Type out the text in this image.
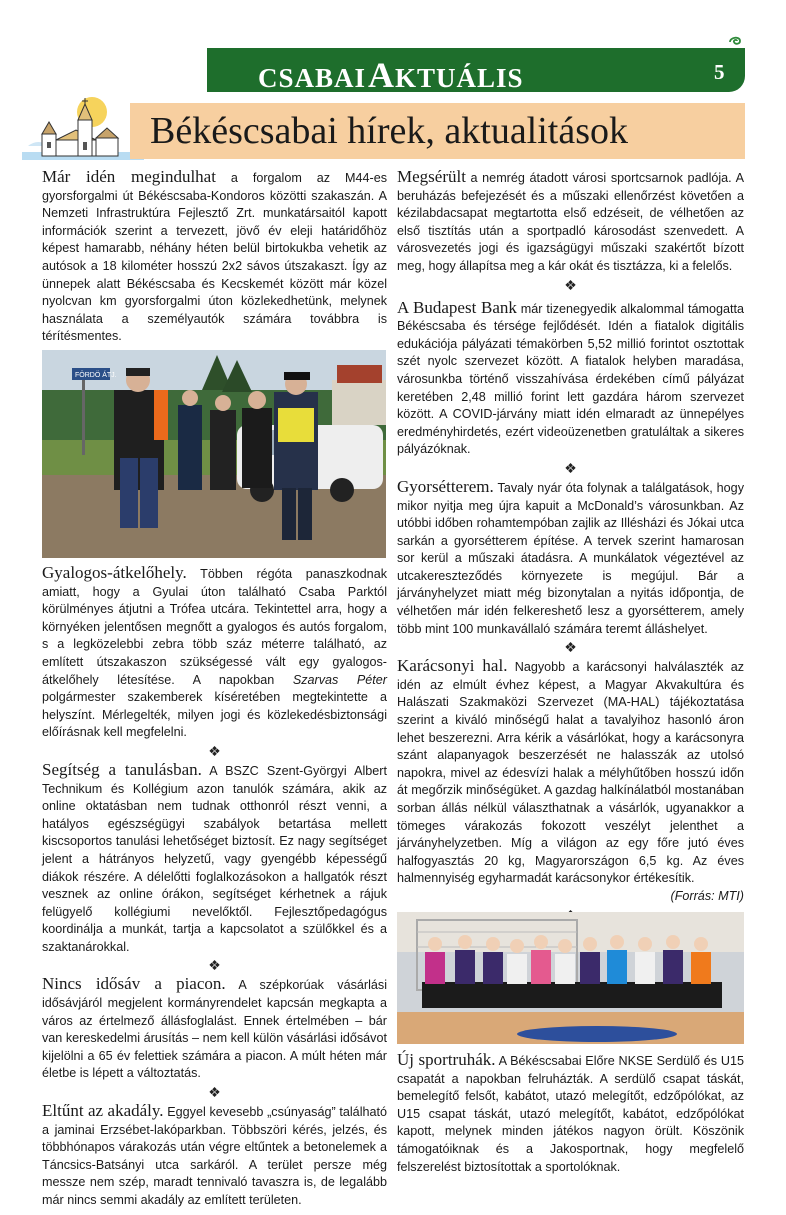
CSABAIAKTUÁLIS	5
Békéscsabai hírek, aktualitások

Már idén megindulhat a forgalom az M44-es gyorsforgalmi út Békéscsaba-Kondoros közötti szakaszán. A Nemzeti Infrastruktúra Fejlesztő Zrt. munkatársaitól kapott információk szerint a tervezett, jövő év eleji határidőhöz képest hamarabb, néhány héten belül birtokukba vehetik az autósok a 18 kilométer hosszú 2x2 sávos útszakaszt. Így az ünnepek alatt Békéscsaba és Kecskemét között már közel nyolcvan km gyorsforgalmi úton közlekedhetünk, melynek használata a személyautók számára továbbra is térítésmentes.

FÖRDÖ ÁTJ.

Gyalogos-átkelőhely. Többen régóta panaszkodnak amiatt, hogy a Gyulai úton található Csaba Parktól körülményes átjutni a Trófea utcára. Tekintettel arra, hogy a környéken jelentősen megnőtt a gyalogos és autós forgalom, s a legközelebbi zebra több száz méterre található, az említett útszakaszon szükségessé vált egy gyalogos-átkelőhely létesítése. A napokban Szarvas Péter polgármester szakemberek kíséretében megtekintette a helyszínt. Mérlegelték, milyen jogi és közlekedésbiztonsági előírásnak kell megfelelni.

❖

Segítség a tanulásban. A BSZC Szent-Györgyi Albert Technikum és Kollégium azon tanulók számára, akik az online oktatásban nem tudnak otthonról részt venni, a hatályos egészségügyi szabályok betartása mellett kiscsoportos tanulási lehetőséget biztosít. Ez nagy segítséget jelent a hátrányos helyzetű, vagy gyengébb képességű diákok részére. A délelőtti foglalkozásokon a hallgatók részt vesznek az online órákon, segítséget kérhetnek a rájuk felügyelő kollégiumi nevelőktől. Fejlesztőpedagógus koordinálja a munkát, tartja a kapcsolatot a szülőkkel és a szaktanárokkal.

❖

Nincs idősáv a piacon. A szépkorúak vásárlási idősávjáról megjelent kormányrendelet kapcsán megkapta a város az értelmező állásfoglalást. Ennek értelmében – bár van kereskedelmi árusítás – nem kell külön vásárlási idősávot kijelölni a 65 év felettiek számára a piacon. A múlt héten már életbe is lépett a változtatás.

❖

Eltűnt az akadály. Eggyel kevesebb „csúnyaság” található a jaminai Erzsébet-lakóparkban. Többszöri kérés, jelzés, és többhónapos várakozás után végre eltűntek a betonelemek a Táncsics-Batsányi utca sarkáról. A terület persze még messze nem szép, maradt tennivaló tavaszra is, de legalább már nincs semmi akadály az említett területen.

Megsérült a nemrég átadott városi sportcsarnok padlója. A beruházás befejezését és a műszaki ellenőrzést követően a kézilabdacsapat megtartotta első edzéseit, de vélhetően az első tisztítás után a sportpadló károsodást szenvedett. A városvezetés jogi és igazságügyi műszaki szakértőt bízott meg, hogy állapítsa meg a kár okát és tisztázza, ki a felelős.

❖

A Budapest Bank már tizenegyedik alkalommal támogatta Békéscsaba és térsége fejlődését. Idén a fiatalok digitális edukációja pályázati témakörben 5,52 millió forintot osztottak szét nyolc szervezet között. A fiatalok helyben maradása, városunkba történő visszahívása érdekében című pályázat keretében 2,48 millió forint lett gazdára három szervezet között. A COVID-járvány miatt idén elmaradt az ünnepélyes eredményhirdetés, ezért videoüzenetben gratuláltak a sikeres pályázóknak.

❖

Gyorsétterem. Tavaly nyár óta folynak a találgatások, hogy mikor nyitja meg újra kapuit a McDonald’s városunkban. Az utóbbi időben rohamtempóban zajlik az Illésházi és Jókai utca sarkán a gyorsétterem építése. A tervek szerint hamarosan sor kerül a műszaki átadásra. A munkálatok végeztével az utcakereszteződés környezete is megújul. Bár a járványhelyzet miatt még bizonytalan a nyitás időpontja, de vélhetően már idén felkereshető lesz a gyorsétterem, amely több mint 100 munkavállaló számára teremt álláshelyet.

❖

Karácsonyi hal. Nagyobb a karácsonyi halválaszték az idén az elmúlt évhez képest, a Magyar Akvakultúra és Halászati Szakmaközi Szervezet (MA-HAL) tájékoztatása szerint a kiváló minőségű halat a tavalyihoz hasonló áron lehet beszerezni. Arra kérik a vásárlókat, hogy a karácsonyra szánt alapanyagok beszerzését ne halasszák az utolsó napokra, mivel az édesvízi halak a mélyhűtőben hosszú időn át megőrzik minőségüket. A gazdag halkínálatból mostanában sorban állás nélkül választhatnak a vásárlók, ugyanakkor a tömeges várakozás fokozott veszélyt jelenthet a járványhelyzetben. Míg a világon az egy főre jutó éves halfogyasztás 20 kg, Magyarországon 6,5 kg. Az éves halmennyiség egyharmadát karácsonykor értékesítik.
(Forrás: MTI)

Új sportruhák. A Békéscsabai Előre NKSE Serdülő és U15 csapatát a napokban felruházták. A serdülő csapat táskát, bemelegítő felsőt, kabátot, utazó melegítőt, edzőpólókat, az U15 csapat táskát, utazó melegítőt, kabátot, edzőpólókat kapott, melynek minden játékos nagyon örült. Köszönik támogatóiknak és a Jakosportnak, hogy megfelelő felszerelést biztosítottak a sportolóknak.
